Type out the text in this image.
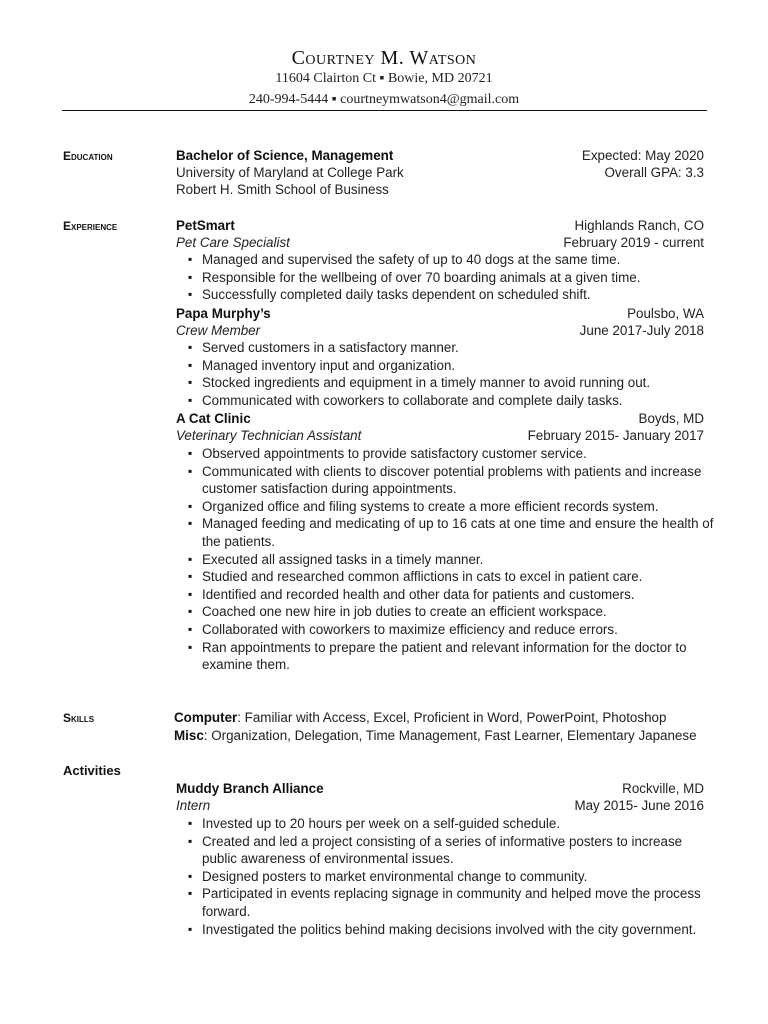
Courtney M. Watson
11604 Clairton Ct ▪ Bowie, MD 20721
240-994-5444 ▪ courtneymwatson4@gmail.com
Education	Bachelor of Science, Management	Expected: May 2020
University of Maryland at College Park	Overall GPA: 3.3
Robert H. Smith School of Business
Experience	PetSmart	Highlands Ranch, CO
Pet Care Specialist	February 2019 - current
▪ Managed and supervised the safety of up to 40 dogs at the same time.
▪ Responsible for the wellbeing of over 70 boarding animals at a given time.
▪ Successfully completed daily tasks dependent on scheduled shift.
Papa Murphy’s	Poulsbo, WA
Crew Member	June 2017-July 2018
▪ Served customers in a satisfactory manner.
▪ Managed inventory input and organization.
▪ Stocked ingredients and equipment in a timely manner to avoid running out.
▪ Communicated with coworkers to collaborate and complete daily tasks.
A Cat Clinic	Boyds, MD
Veterinary Technician Assistant	February 2015- January 2017
▪ Observed appointments to provide satisfactory customer service.
▪ Communicated with clients to discover potential problems with patients and increase customer satisfaction during appointments.
▪ Organized office and filing systems to create a more efficient records system.
▪ Managed feeding and medicating of up to 16 cats at one time and ensure the health of the patients.
▪ Executed all assigned tasks in a timely manner.
▪ Studied and researched common afflictions in cats to excel in patient care.
▪ Identified and recorded health and other data for patients and customers.
▪ Coached one new hire in job duties to create an efficient workspace.
▪ Collaborated with coworkers to maximize efficiency and reduce errors.
▪ Ran appointments to prepare the patient and relevant information for the doctor to examine them.
Skills	Computer: Familiar with Access, Excel, Proficient in Word, PowerPoint, Photoshop
Misc: Organization, Delegation, Time Management, Fast Learner, Elementary Japanese
Activities
Muddy Branch Alliance	Rockville, MD
Intern	May 2015- June 2016
▪ Invested up to 20 hours per week on a self-guided schedule.
▪ Created and led a project consisting of a series of informative posters to increase public awareness of environmental issues.
▪ Designed posters to market environmental change to community.
▪ Participated in events replacing signage in community and helped move the process forward.
▪ Investigated the politics behind making decisions involved with the city government.
